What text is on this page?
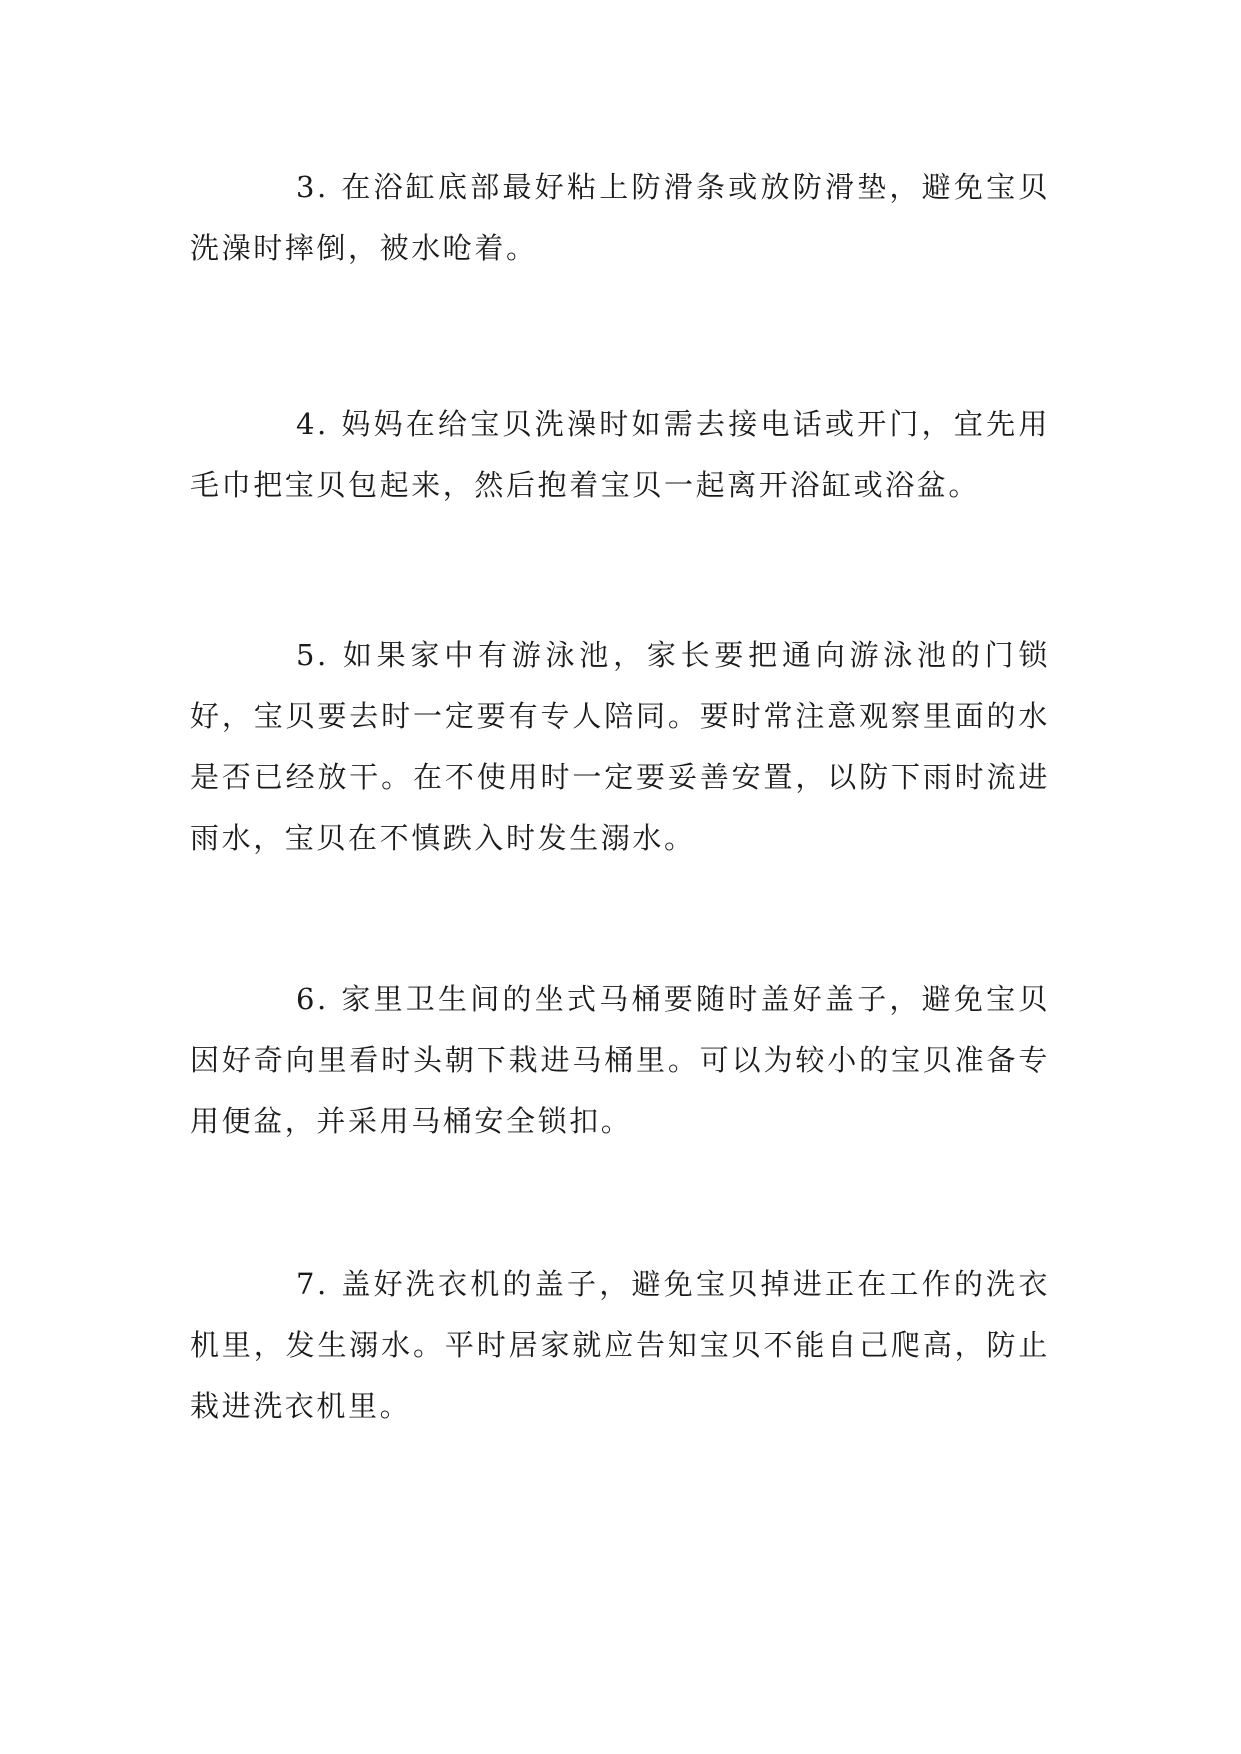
3. 在浴缸底部最好粘上防滑条或放防滑垫，避免宝贝洗澡时摔倒，被水呛着。

4. 妈妈在给宝贝洗澡时如需去接电话或开门，宜先用毛巾把宝贝包起来，然后抱着宝贝一起离开浴缸或浴盆。

5. 如果家中有游泳池，家长要把通向游泳池的门锁好，宝贝要去时一定要有专人陪同。要时常注意观察里面的水是否已经放干。在不使用时一定要妥善安置，以防下雨时流进雨水，宝贝在不慎跌入时发生溺水。

6. 家里卫生间的坐式马桶要随时盖好盖子，避免宝贝因好奇向里看时头朝下栽进马桶里。可以为较小的宝贝准备专用便盆，并采用马桶安全锁扣。

7. 盖好洗衣机的盖子，避免宝贝掉进正在工作的洗衣机里，发生溺水。平时居家就应告知宝贝不能自己爬高，防止栽进洗衣机里。
